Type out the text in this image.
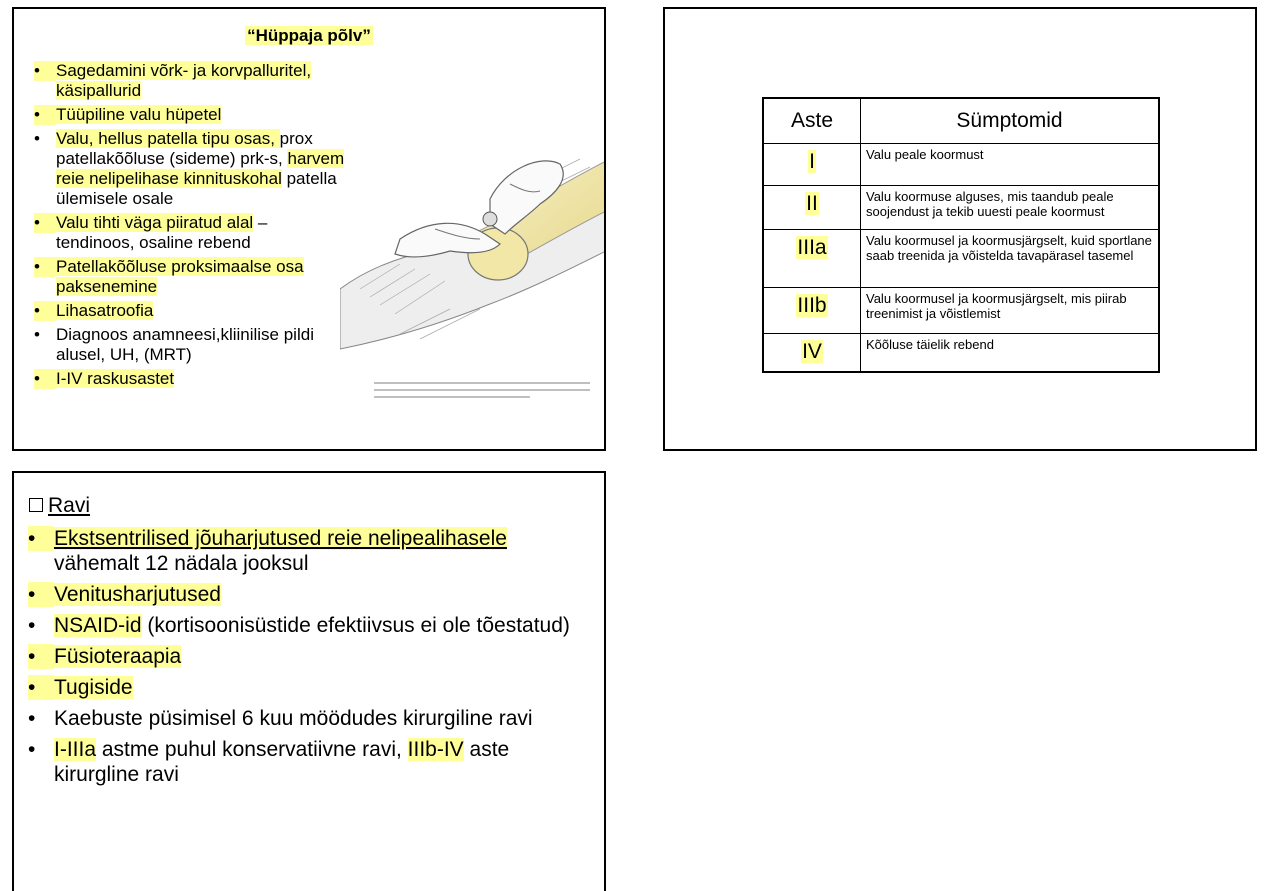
“Hüppaja põlv”
• Sagedamini võrk- ja korvpalluritel, käsipallurid
• Tüüpiline valu hüpetel
• Valu, hellus patella tipu osas, prox patellakõõluse (sideme) prk-s, harvem reie nelipelihase kinnituskohal patella ülemisele osale
• Valu tihti väga piiratud alal – tendinoos, osaline rebend
• Patellakõõluse proksimaalse osa paksenemine
• Lihasatroofia
• Diagnoos anamneesi,kliinilise pildi alusel, UH, (MRT)
• I-IV raskusastet
Aste	Sümptomid
I	Valu peale koormust
II	Valu koormuse alguses, mis taandub peale soojendust ja tekib uuesti peale koormust
IIIa	Valu koormusel ja koormusjärgselt, kuid sportlane saab treenida ja võistelda tavapärasel tasemel
IIIb	Valu koormusel ja koormusjärgselt, mis piirab treenimist ja võistlemist
IV	Kõõluse täielik rebend
Ravi
• Ekstsentrilised jõuharjutused reie nelipealihasele vähemalt 12 nädala jooksul
• Venitusharjutused
• NSAID-id (kortisoonisüstide efektiivsus ei ole tõestatud)
• Füsioteraapia
• Tugiside
• Kaebuste püsimisel 6 kuu möödudes kirurgiline ravi
• I-IIIa astme puhul konservatiivne ravi, IIIb-IV aste kirurgline ravi
